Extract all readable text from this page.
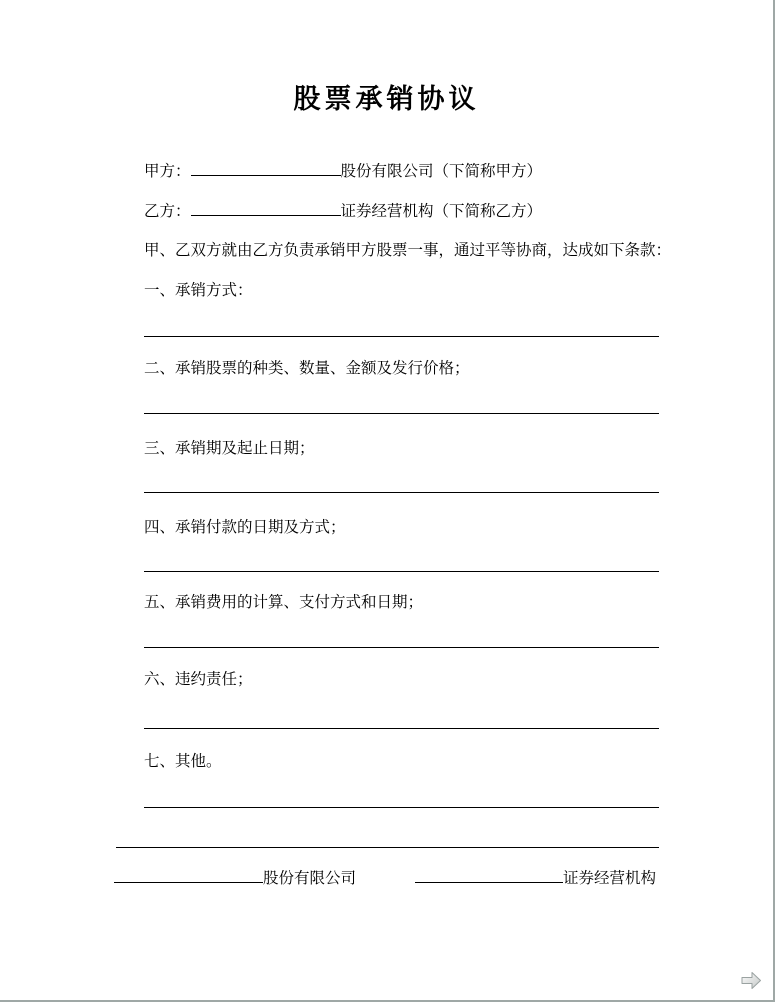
股票承销协议
甲方：	股份有限公司（下简称甲方）
乙方：	证券经营机构（下简称乙方）
甲、乙双方就由乙方负责承销甲方股票一事，通过平等协商，达成如下条款：
一、承销方式：
二、承销股票的种类、数量、金额及发行价格；
三、承销期及起止日期；
四、承销付款的日期及方式；
五、承销费用的计算、支付方式和日期；
六、违约责任；
七、其他。
股份有限公司	证券经营机构
